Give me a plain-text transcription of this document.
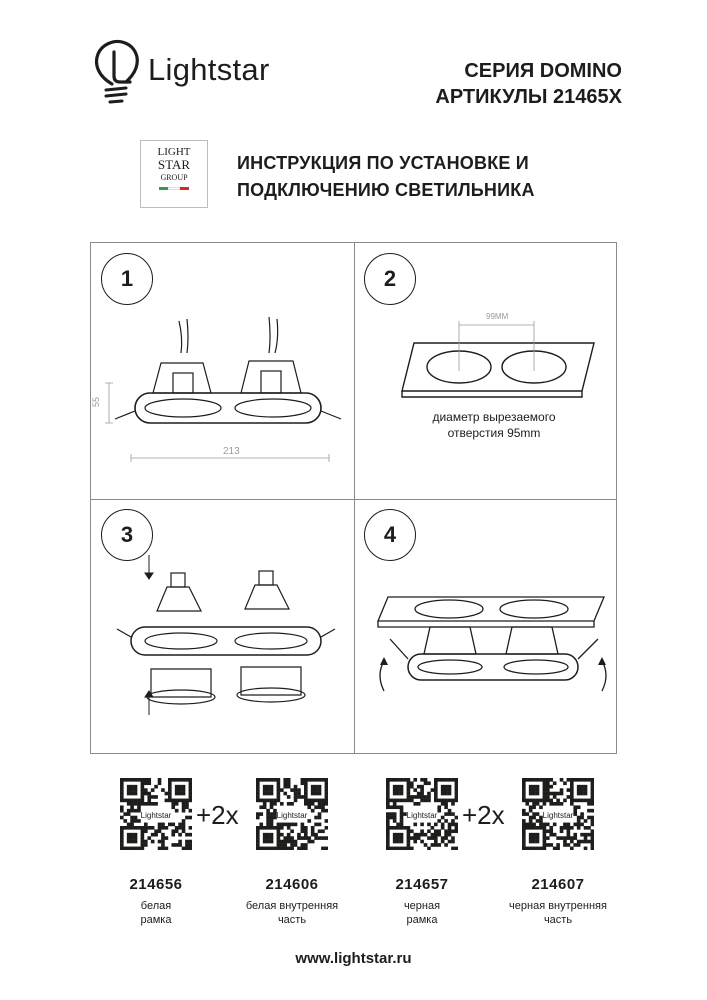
Lightstar	СЕРИЯ DOMINO
АРТИКУЛЫ 21465X
LIGHT
STAR
GROUP
ИНСТРУКЦИЯ ПО УСТАНОВКЕ И
ПОДКЛЮЧЕНИЮ СВЕТИЛЬНИКА
55
213
1
99MM
2
диаметр вырезаемого
отверстия 95mm
3	4
Lightstar +2x	Lightstar	Lightstar +2x	Lightstar
214656
белая
рамка
214606
белая внутренняя
часть
214657
черная
рамка
214607
черная внутренняя
часть
www.lightstar.ru
